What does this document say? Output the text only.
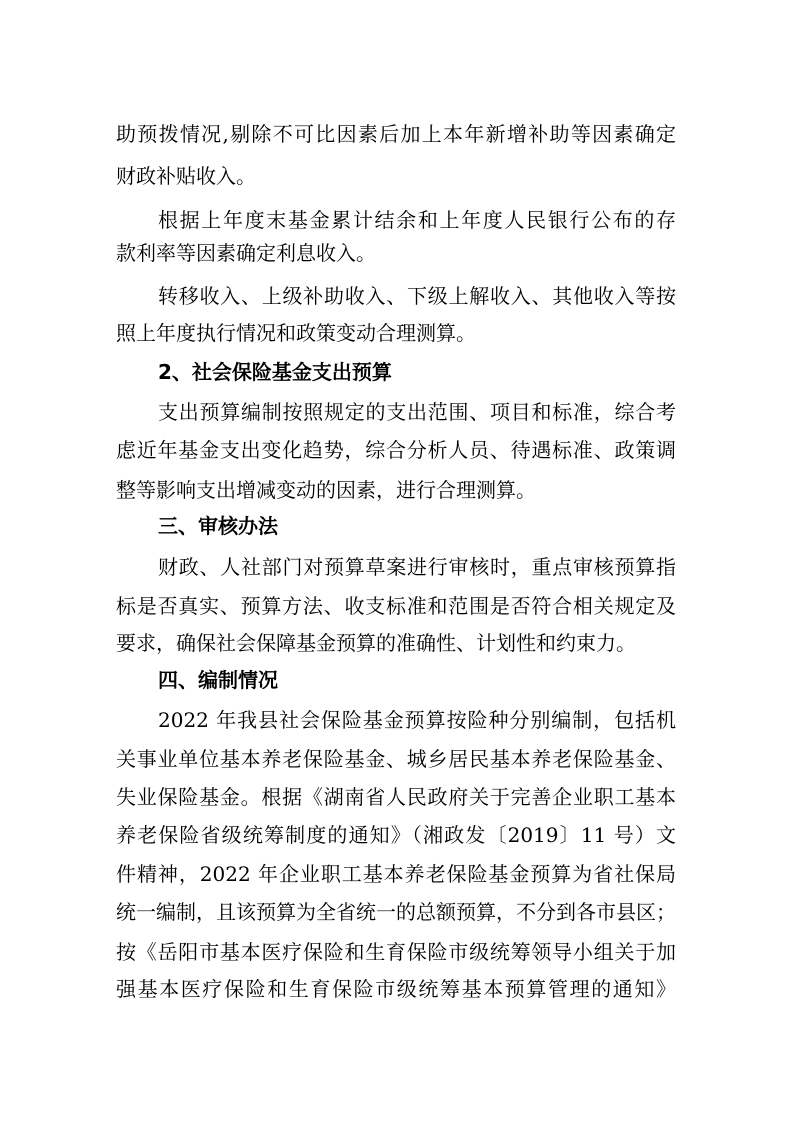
助预拨情况,剔除不可比因素后加上本年新增补助等因素确定
财政补贴收入。
根据上年度末基金累计结余和上年度人民银行公布的存
款利率等因素确定利息收入。
转移收入、上级补助收入、下级上解收入、其他收入等按
照上年度执行情况和政策变动合理测算。
2、社会保险基金支出预算
支出预算编制按照规定的支出范围、项目和标准，综合考
虑近年基金支出变化趋势，综合分析人员、待遇标准、政策调
整等影响支出增减变动的因素，进行合理测算。
三、审核办法
财政、人社部门对预算草案进行审核时，重点审核预算指
标是否真实、预算方法、收支标准和范围是否符合相关规定及
要求，确保社会保障基金预算的准确性、计划性和约束力。
四、编制情况
2022 年我县社会保险基金预算按险种分别编制，包括机
关事业单位基本养老保险基金、城乡居民基本养老保险基金、
失业保险基金。根据《湖南省人民政府关于完善企业职工基本
养老保险省级统筹制度的通知》（湘政发〔2019〕11 号）文
件精神，2022 年企业职工基本养老保险基金预算为省社保局
统一编制，且该预算为全省统一的总额预算，不分到各市县区；
按《岳阳市基本医疗保险和生育保险市级统筹领导小组关于加
强基本医疗保险和生育保险市级统筹基本预算管理的通知》
